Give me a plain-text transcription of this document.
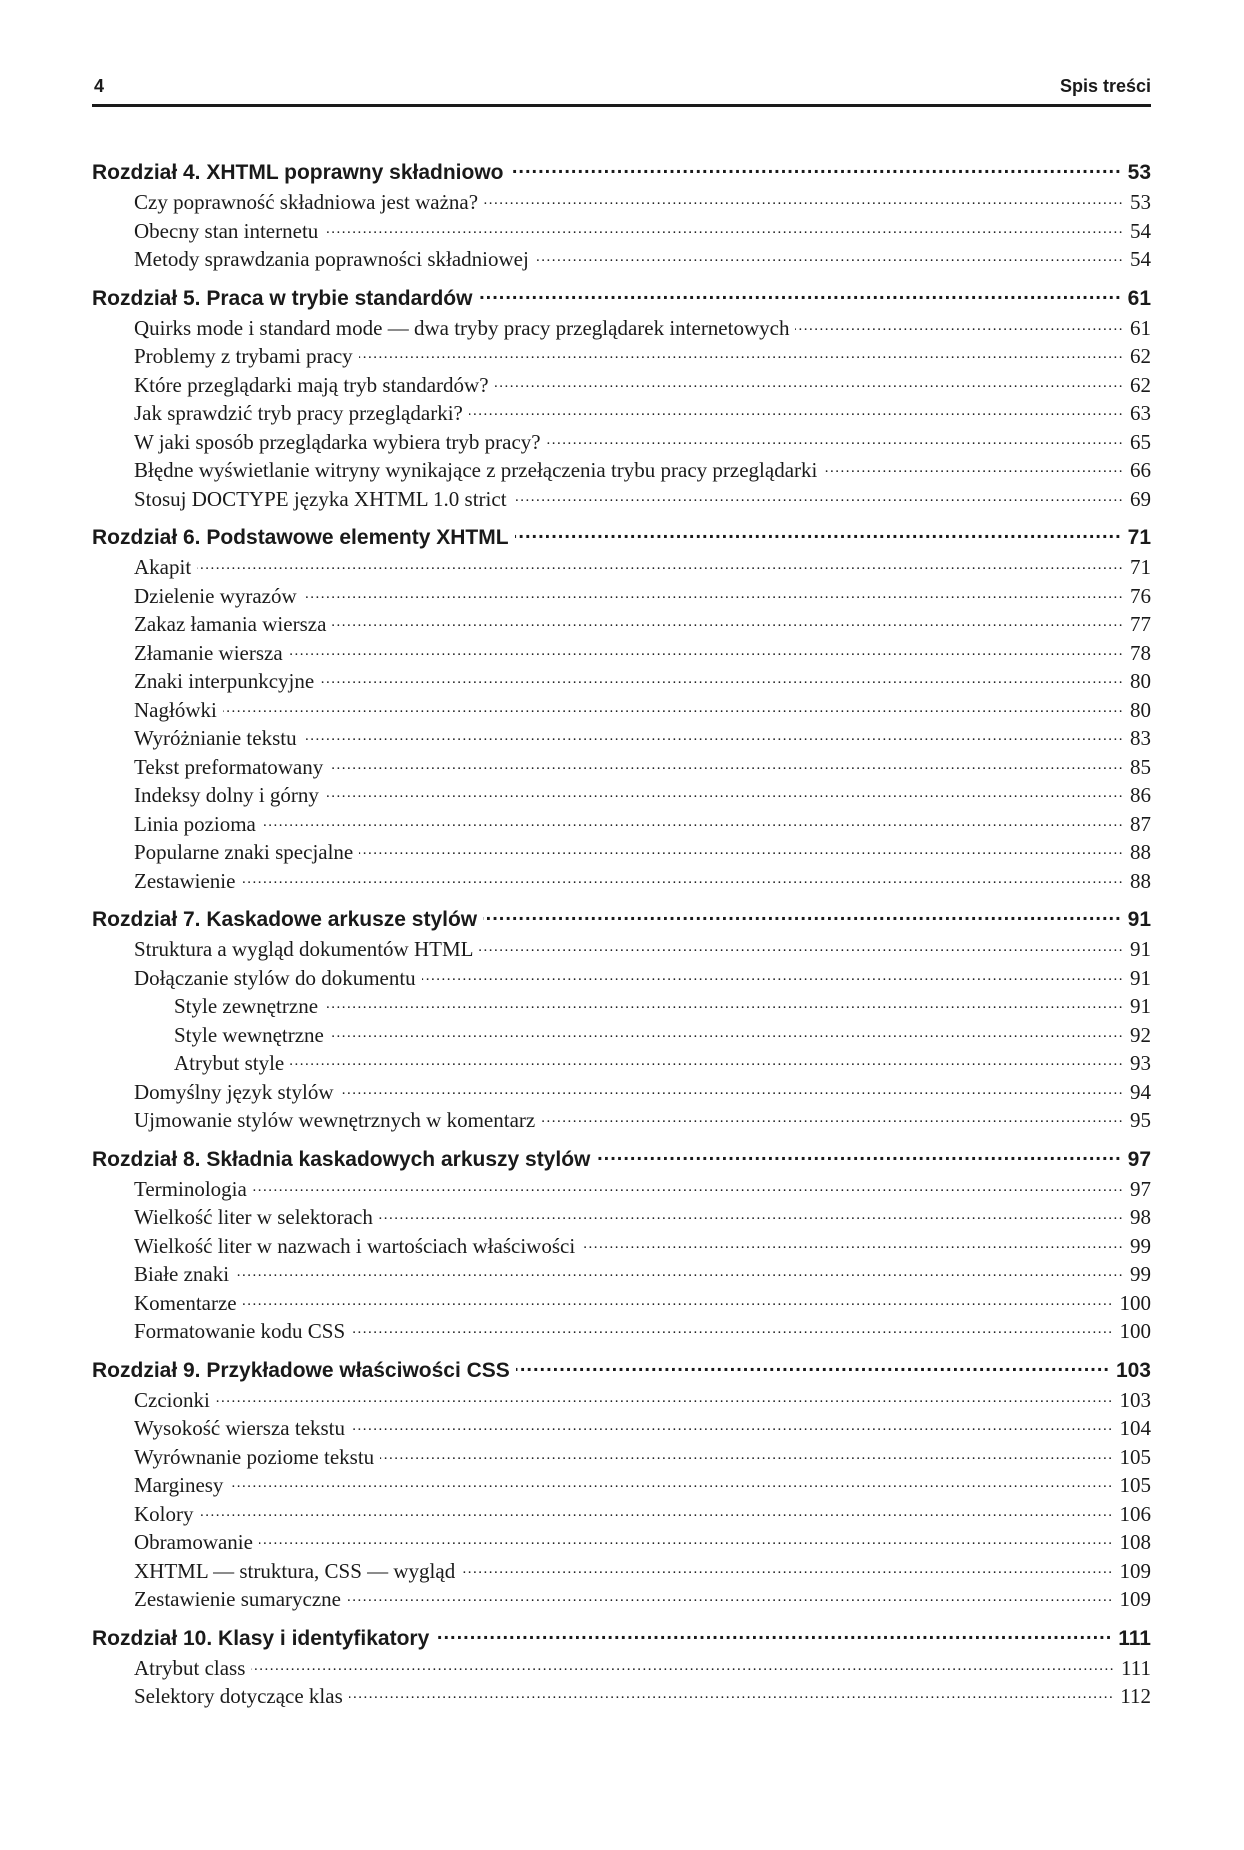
4	Spis treści
Rozdział 4. XHTML poprawny składniowo .....	53
Czy poprawność składniowa jest ważna? .....	53
Obecny stan internetu .....	54
Metody sprawdzania poprawności składniowej .....	54
Rozdział 5. Praca w trybie standardów .....	61
Quirks mode i standard mode — dwa tryby pracy przeglądarek internetowych .....	61
Problemy z trybami pracy .....	62
Które przeglądarki mają tryb standardów? .....	62
Jak sprawdzić tryb pracy przeglądarki? .....	63
W jaki sposób przeglądarka wybiera tryb pracy? .....	65
Błędne wyświetlanie witryny wynikające z przełączenia trybu pracy przeglądarki .....	66
Stosuj DOCTYPE języka XHTML 1.0 strict .....	69
Rozdział 6. Podstawowe elementy XHTML .....	71
Akapit .....	71
Dzielenie wyrazów .....	76
Zakaz łamania wiersza .....	77
Złamanie wiersza .....	78
Znaki interpunkcyjne .....	80
Nagłówki .....	80
Wyróżnianie tekstu .....	83
Tekst preformatowany .....	85
Indeksy dolny i górny .....	86
Linia pozioma .....	87
Popularne znaki specjalne .....	88
Zestawienie .....	88
Rozdział 7. Kaskadowe arkusze stylów .....	91
Struktura a wygląd dokumentów HTML .....	91
Dołączanie stylów do dokumentu .....	91
Style zewnętrzne .....	91
Style wewnętrzne .....	92
Atrybut style .....	93
Domyślny język stylów .....	94
Ujmowanie stylów wewnętrznych w komentarz .....	95
Rozdział 8. Składnia kaskadowych arkuszy stylów .....	97
Terminologia .....	97
Wielkość liter w selektorach .....	98
Wielkość liter w nazwach i wartościach właściwości .....	99
Białe znaki .....	99
Komentarze .....	100
Formatowanie kodu CSS .....	100
Rozdział 9. Przykładowe właściwości CSS .....	103
Czcionki .....	103
Wysokość wiersza tekstu .....	104
Wyrównanie poziome tekstu .....	105
Marginesy .....	105
Kolory .....	106
Obramowanie .....	108
XHTML — struktura, CSS — wygląd .....	109
Zestawienie sumaryczne .....	109
Rozdział 10. Klasy i identyfikatory .....	111
Atrybut class .....	111
Selektory dotyczące klas .....	112
